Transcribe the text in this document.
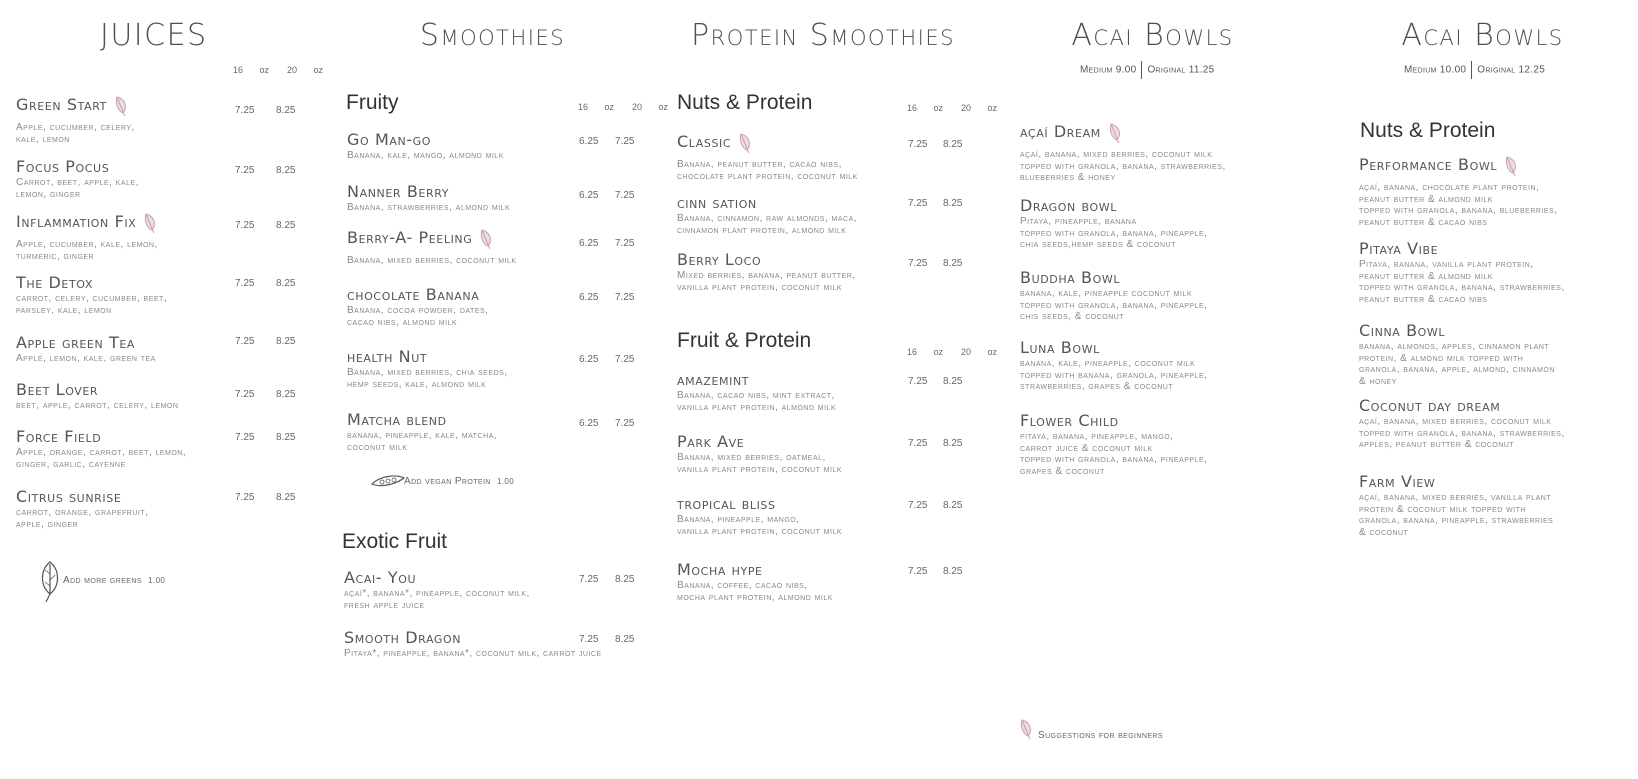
JUICES
16 oz 20 oz
Green Start
Apple, cucumber, celery,
kale, lemon
7.25 8.25
Focus Pocus
Carrot, beet, apple, kale,
lemon, ginger
7.25 8.25
Inflammation Fix
Apple, cucumber, kale, lemon,
turmeric, ginger
7.25 8.25
The Detox
carrot, celery, cucumber, beet,
parsley, kale, lemon
7.25 8.25
Apple green Tea
Apple, lemon, kale, green tea
7.25 8.25
Beet Lover
beet, apple, carrot, celery, lemon
7.25 8.25
Force Field
Apple, orange, carrot, beet, lemon,
ginger, garlic, cayenne
7.25 8.25
Citrus sunrise
carrot, orange, grapefruit,
apple, ginger
7.25 8.25
Add more greens 1.00
Smoothies
Fruity	16 oz 20 oz
Go Man-go
Banana, kale, mango, almond milk
6.25 7.25
Nanner Berry
Banana, strawberries, almond milk
6.25 7.25
Berry-A- Peeling
Banana, mixed berries, coconut milk
6.25 7.25
chocolate Banana
Banana, cocoa powder, dates,
cacao nibs, almond milk
6.25 7.25
health Nut
Banana, mixed berries, chia seeds,
hemp seeds, kale, almond milk
6.25 7.25
Matcha blend
banana, pineapple, kale, matcha,
coconut milk
6.25 7.25
Add vegan Protein 1.00
Exotic Fruit
Acai- You
açaí*, banana*, pineapple, coconut milk,
fresh apple juice
7.25 8.25
Smooth Dragon
Pitaya*, pineapple, banana*, coconut milk, carrot juice
7.25 8.25
Protein Smoothies
Nuts & Protein	16 oz 20 oz
Classic
Banana, peanut butter, cacao nibs,
chocolate plant protein, coconut milk
7.25 8.25
cinn sation
Banana, cinnamon, raw almonds, maca,
cinnamon plant protein, almond milk
7.25 8.25
Berry Loco
Mixed berries, banana, peanut butter,
vanilla plant protein, coconut milk
7.25 8.25
Fruit & Protein	16 oz 20 oz
amazemint
Banana, cacao nibs, mint extract,
vanilla plant protein, almond milk
7.25 8.25
Park Ave
Banana, mixed berries, oatmeal,
vanilla plant protein, coconut milk
7.25 8.25
tropical bliss
Banana, pineapple, mango,
vanilla plant protein, coconut milk
7.25 8.25
Mocha hype
Banana, coffee, cacao nibs,
mocha plant protein, almond milk
7.25 8.25
Acai Bowls
Medium 9.00 Original 11.25
açaí Dream
açaí, banana, mixed berries, coconut milk
topped with granola, banana, strawberries,
blueberries & honey
Dragon bowl
Pitaya, pineapple, banana
topped with granola, banana, pineapple,
chia seeds,hemp seeds & coconut
Buddha Bowl
banana, kale, pineapple coconut milk
topped with granola, banana, pineapple,
chis seeds, & coconut
Luna Bowl
banana, kale, pineapple, coconut milk
topped with banana, granola, pineapple,
strawberries, grapes & coconut
Flower Child
pitaya, banana, pineapple, mango,
carrot juice & coconut milk
topped with granola, banana, pineapple,
grapes & coconut
Suggestions for beginners
Acai Bowls
Medium 10.00 Original 12.25
Nuts & Protein
Performance Bowl
açaí, banana, chocolate plant protein,
peanut butter & almond milk
topped with granola, banana, blueberries,
peanut butter & cacao nibs
Pitaya Vibe
Pitaya, banana, vanilla plant protein,
peanut butter & almond milk
topped with granola, banana, strawberries,
peanut butter & cacao nibs
Cinna Bowl
banana, almonds, apples, cinnamon plant
protein, & almond milk topped with
granola, banana, apple, almond, cinnamon
& honey
Coconut day dream
açaí, banana, mixed berries, coconut milk
topped with granola, banana, strawberries,
apples, peanut butter & coconut
Farm View
açaí, banana, mixed berries, vanilla plant
protein & coconut milk topped with
granola, banana, pineapple, strawberries
& coconut
